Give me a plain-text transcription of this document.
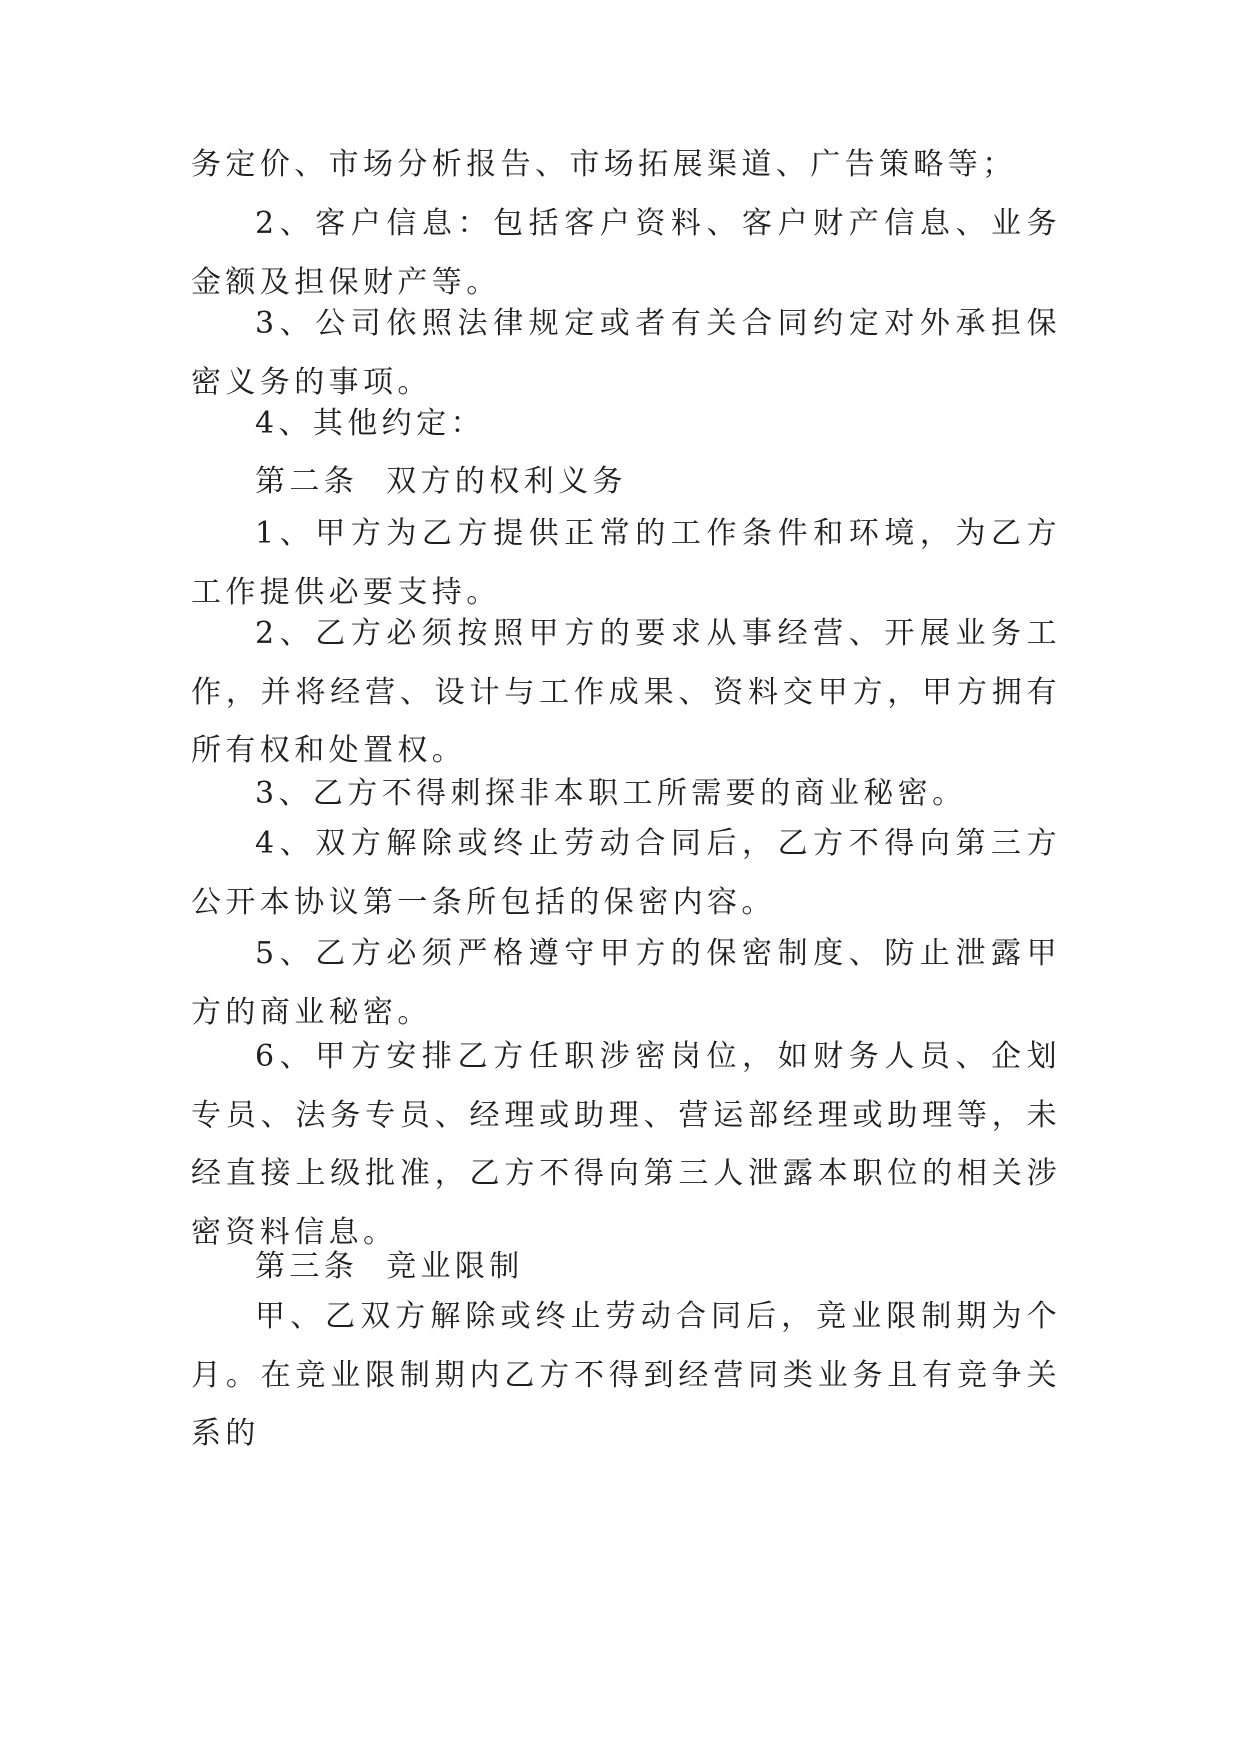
务定价、市场分析报告、市场拓展渠道、广告策略等；

2、客户信息：包括客户资料、客户财产信息、业务金额及担保财产等。

3、公司依照法律规定或者有关合同约定对外承担保密义务的事项。

4、其他约定：

第二条  双方的权利义务

1、甲方为乙方提供正常的工作条件和环境，为乙方工作提供必要支持。

2、乙方必须按照甲方的要求从事经营、开展业务工作，并将经营、设计与工作成果、资料交甲方，甲方拥有所有权和处置权。

3、乙方不得刺探非本职工所需要的商业秘密。

4、双方解除或终止劳动合同后，乙方不得向第三方公开本协议第一条所包括的保密内容。

5、乙方必须严格遵守甲方的保密制度、防止泄露甲方的商业秘密。

6、甲方安排乙方任职涉密岗位，如财务人员、企划专员、法务专员、经理或助理、营运部经理或助理等，未经直接上级批准，乙方不得向第三人泄露本职位的相关涉密资料信息。

第三条  竞业限制

甲、乙双方解除或终止劳动合同后，竞业限制期为个月。在竞业限制期内乙方不得到经营同类业务且有竞争关系的
